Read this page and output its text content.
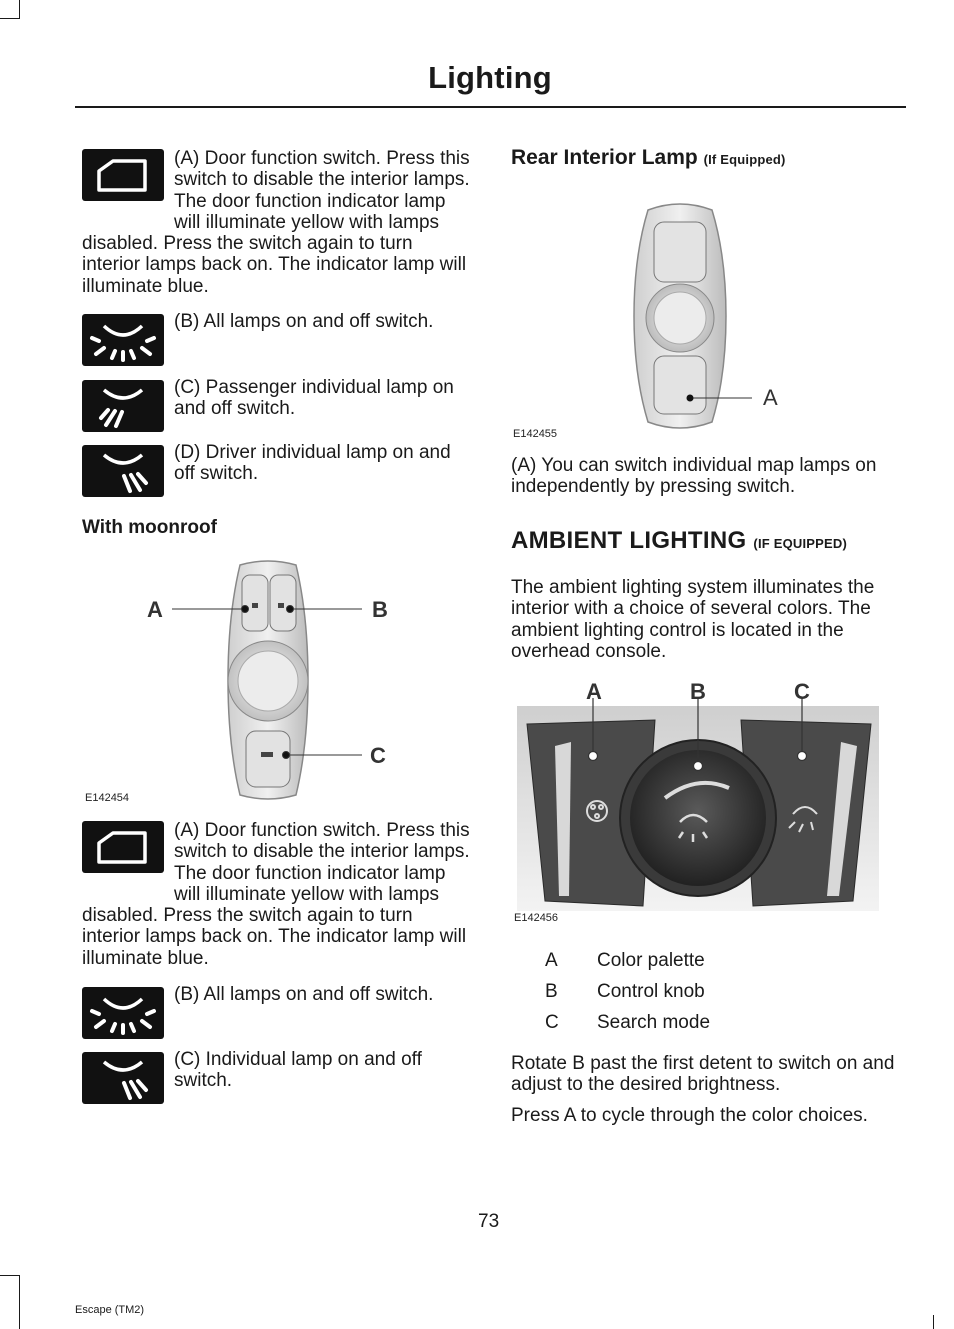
Lighting
(A) Door function switch. Press this switch to disable the interior lamps. The door function indicator lamp will illuminate yellow with lamps disabled. Press the switch again to turn interior lamps back on. The indicator lamp will illuminate blue.
(B) All lamps on and off switch.
(C) Passenger individual lamp on and off switch.
(D) Driver individual lamp on and off switch.
With moonroof
A	B
C
E142454
(A) Door function switch. Press this switch to disable the interior lamps. The door function indicator lamp will illuminate yellow with lamps disabled. Press the switch again to turn interior lamps back on. The indicator lamp will illuminate blue.
(B) All lamps on and off switch.
(C) Individual lamp on and off switch.
Rear Interior Lamp (If Equipped)
A
E142455
(A) You can switch individual map lamps on independently by pressing switch.
AMBIENT LIGHTING (IF EQUIPPED)
The ambient lighting system illuminates the interior with a choice of several colors. The ambient lighting control is located in the overhead console.
A	B	C
E142456
A Color palette
B Control knob
C Search mode
Rotate B past the first detent to switch on and adjust to the desired brightness.
Press A to cycle through the color choices.
73
Escape (TM2)
